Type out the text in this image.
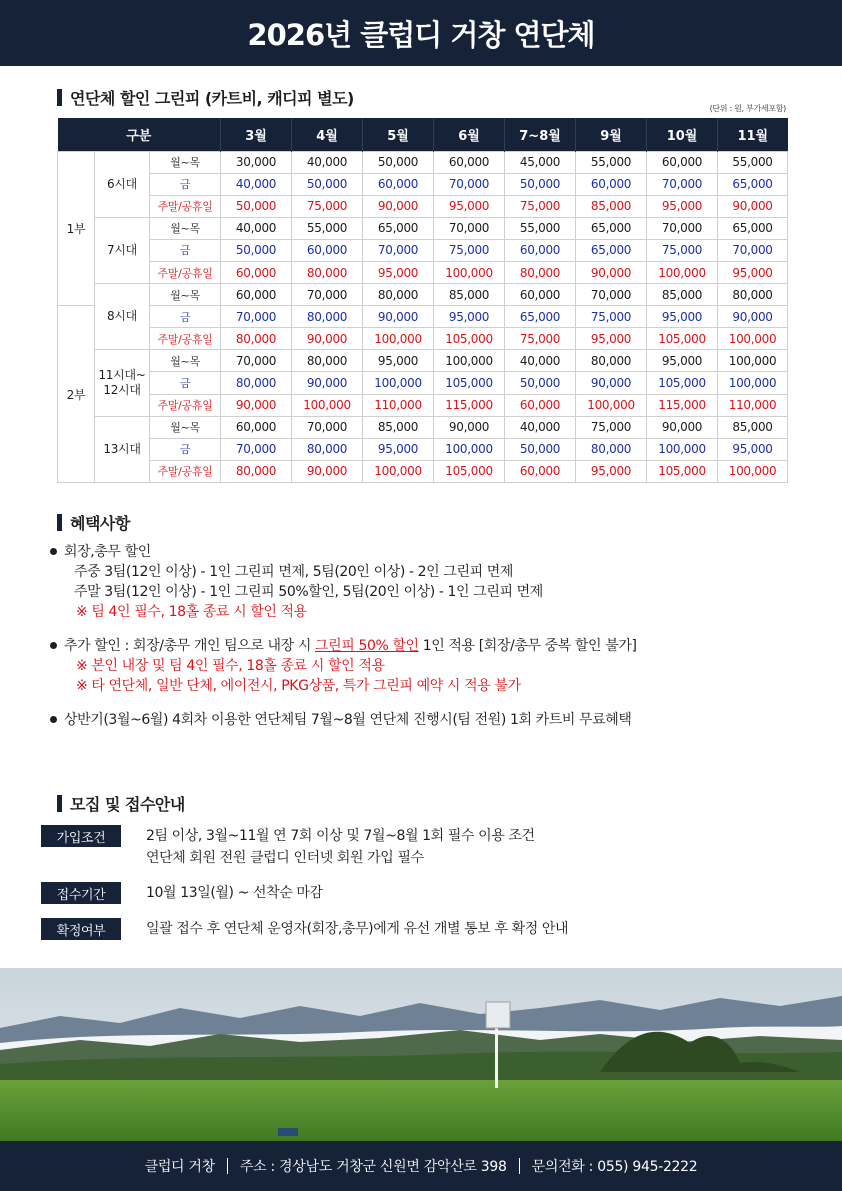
2026년 클럽디 거창 연단체
연단체 할인 그린피 (카트비, 캐디피 별도)
(단위 : 원, 부가세포함)
구분			3월	4월	5월	6월	7~8월	9월	10월	11월
1부	6시대	월~목	30,000	40,000	50,000	60,000	45,000	55,000	60,000	55,000
		금	40,000	50,000	60,000	70,000	50,000	60,000	70,000	65,000
		주말/공휴일	50,000	75,000	90,000	95,000	75,000	85,000	95,000	90,000
	7시대	월~목	40,000	55,000	65,000	70,000	55,000	65,000	70,000	65,000
		금	50,000	60,000	70,000	75,000	60,000	65,000	75,000	70,000
		주말/공휴일	60,000	80,000	95,000	100,000	80,000	90,000	100,000	95,000
	8시대	월~목	60,000	70,000	80,000	85,000	60,000	70,000	85,000	80,000
2부		금	70,000	80,000	90,000	95,000	65,000	75,000	95,000	90,000
		주말/공휴일	80,000	90,000	100,000	105,000	75,000	95,000	105,000	100,000
	11시대~
12시대	월~목	70,000	80,000	95,000	100,000	40,000	80,000	95,000	100,000
		금	80,000	90,000	100,000	105,000	50,000	90,000	105,000	100,000
		주말/공휴일	90,000	100,000	110,000	115,000	60,000	100,000	115,000	110,000
	13시대	월~목	60,000	70,000	85,000	90,000	40,000	75,000	90,000	85,000
		금	70,000	80,000	95,000	100,000	50,000	80,000	100,000	95,000
		주말/공휴일	80,000	90,000	100,000	105,000	60,000	95,000	105,000	100,000
혜택사항
회장,총무 할인
주중 3팀(12인 이상) - 1인 그린피 면제, 5팀(20인 이상) - 2인 그린피 면제
주말 3팀(12인 이상) - 1인 그린피 50%할인, 5팀(20인 이상) - 1인 그린피 면제
※ 팀 4인 필수, 18홀 종료 시 할인 적용
추가 할인 : 회장/총무 개인 팀으로 내장 시 그린피 50% 할인 1인 적용 [회장/총무 중복 할인 불가]
※ 본인 내장 및 팀 4인 필수, 18홀 종료 시 할인 적용
※ 타 연단체, 일반 단체, 에이전시, PKG상품, 특가 그린피 예약 시 적용 불가
상반기(3월~6월) 4회차 이용한 연단체팀 7월~8월 연단체 진행시(팀 전원) 1회 카트비 무료혜택
모집 및 접수안내
가입조건	2팀 이상, 3월~11월 연 7회 이상 및 7월~8월 1회 필수 이용 조건
연단체 회원 전원 클럽디 인터넷 회원 가입 필수
접수기간	10월 13일(월) ~ 선착순 마감
확정여부	일괄 접수 후 연단체 운영자(회장,총무)에게 유선 개별 통보 후 확정 안내
클럽디 거창 주소 : 경상남도 거창군 신원면 감악산로 398 문의전화 : 055) 945-2222
